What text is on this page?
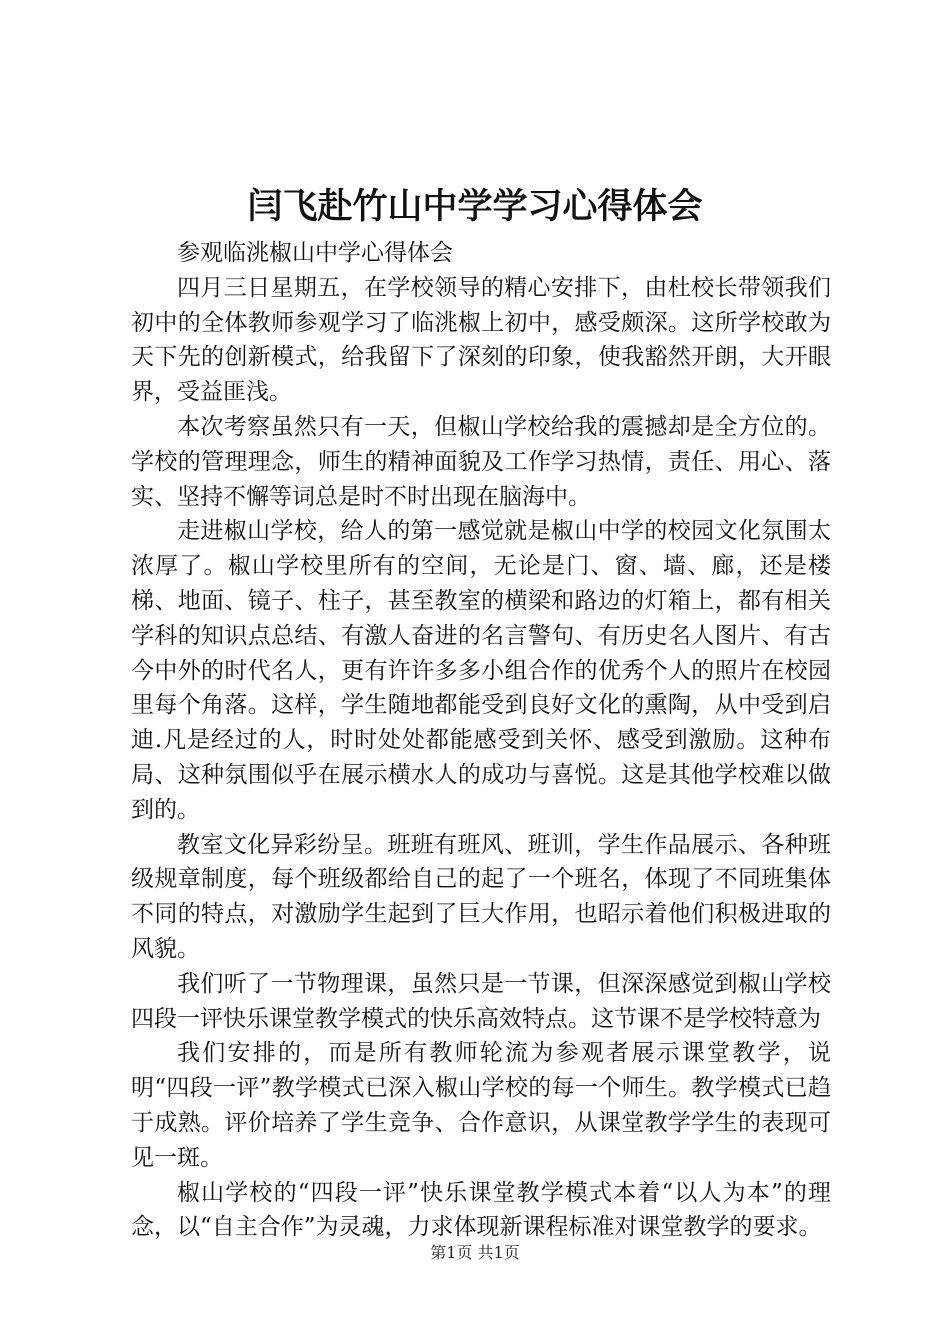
闫飞赴竹山中学学习心得体会

参观临洮椒山中学心得体会

四月三日星期五，在学校领导的精心安排下，由杜校长带领我们初中的全体教师参观学习了临洮椒上初中，感受颇深。这所学校敢为天下先的创新模式，给我留下了深刻的印象，使我豁然开朗，大开眼界，受益匪浅。

本次考察虽然只有一天，但椒山学校给我的震撼却是全方位的。学校的管理理念，师生的精神面貌及工作学习热情，责任、用心、落实、坚持不懈等词总是时不时出现在脑海中。

走进椒山学校，给人的第一感觉就是椒山中学的校园文化氛围太浓厚了。椒山学校里所有的空间，无论是门、窗、墙、廊，还是楼梯、地面、镜子、柱子，甚至教室的横梁和路边的灯箱上，都有相关学科的知识点总结、有激人奋进的名言警句、有历史名人图片、有古今中外的时代名人，更有许许多多小组合作的优秀个人的照片在校园里每个角落。这样，学生随地都能受到良好文化的熏陶，从中受到启迪.凡是经过的人，时时处处都能感受到关怀、感受到激励。这种布局、这种氛围似乎在展示横水人的成功与喜悦。这是其他学校难以做到的。

教室文化异彩纷呈。班班有班风、班训，学生作品展示、各种班级规章制度，每个班级都给自己的起了一个班名，体现了不同班集体不同的特点，对激励学生起到了巨大作用，也昭示着他们积极进取的风貌。

我们听了一节物理课，虽然只是一节课，但深深感觉到椒山学校四段一评快乐课堂教学模式的快乐高效特点。这节课不是学校特意为

我们安排的，而是所有教师轮流为参观者展示课堂教学，说明“四段一评”教学模式已深入椒山学校的每一个师生。教学模式已趋于成熟。评价培养了学生竞争、合作意识，从课堂教学学生的表现可见一斑。

椒山学校的“四段一评”快乐课堂教学模式本着“以人为本”的理念，以“自主合作”为灵魂，力求体现新课程标准对课堂教学的要求。

第1页 共1页
